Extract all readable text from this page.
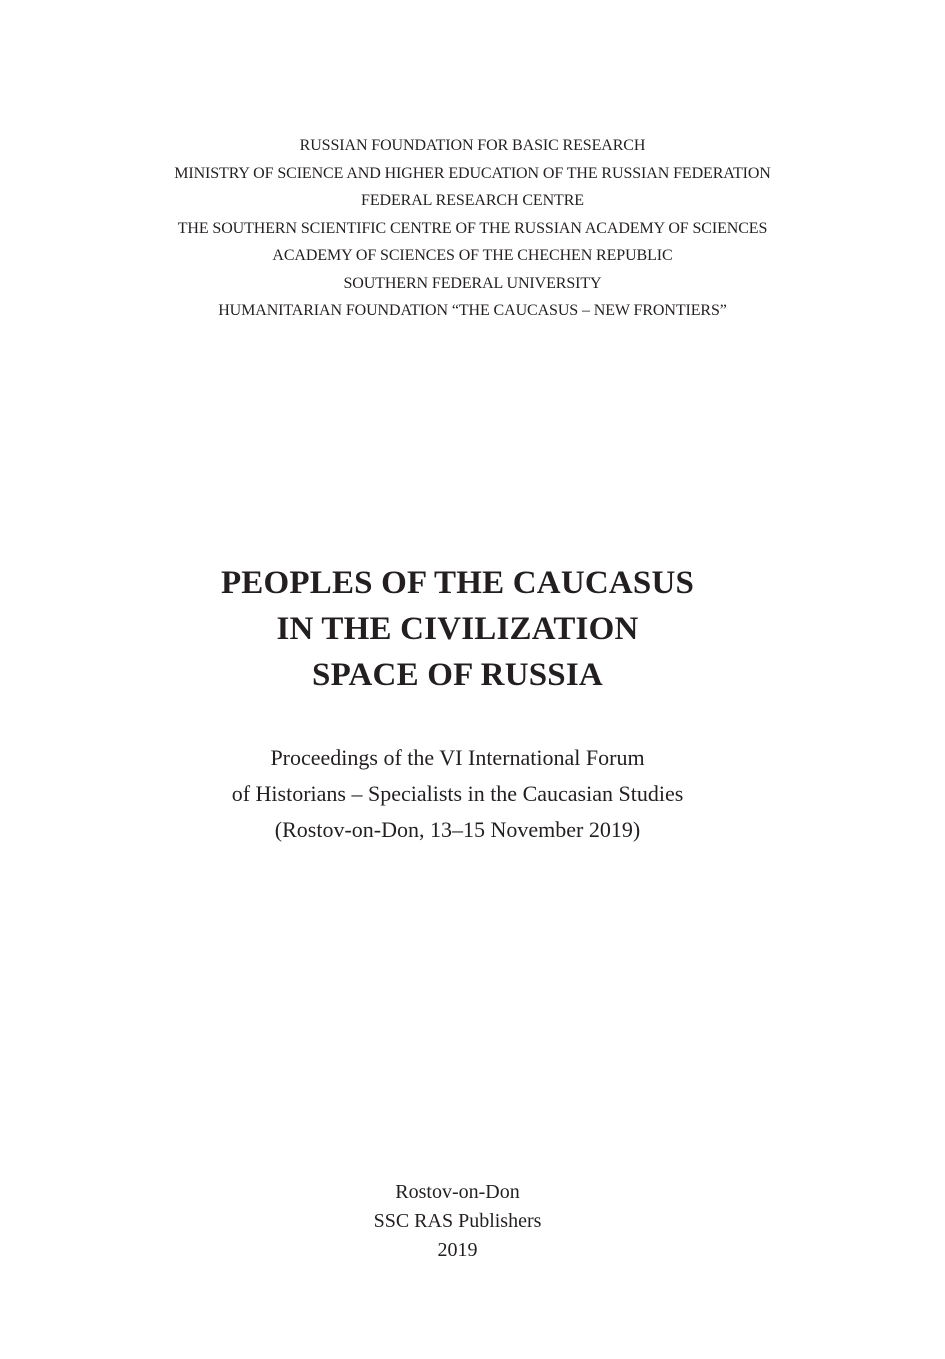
RUSSIAN FOUNDATION FOR BASIC RESEARCH
MINISTRY OF SCIENCE AND HIGHER EDUCATION OF THE RUSSIAN FEDERATION
FEDERAL RESEARCH CENTRE
THE SOUTHERN SCIENTIFIC CENTRE OF THE RUSSIAN ACADEMY OF SCIENCES
ACADEMY OF SCIENCES OF THE CHECHEN REPUBLIC
SOUTHERN FEDERAL UNIVERSITY
HUMANITARIAN FOUNDATION “THE CAUCASUS – NEW FRONTIERS”
PEOPLES OF THE CAUCASUS
IN THE CIVILIZATION
SPACE OF RUSSIA
Proceedings of the VI International Forum
of Historians – Specialists in the Caucasian Studies
(Rostov-on-Don, 13–15 November 2019)
Rostov-on-Don
SSC RAS Publishers
2019
